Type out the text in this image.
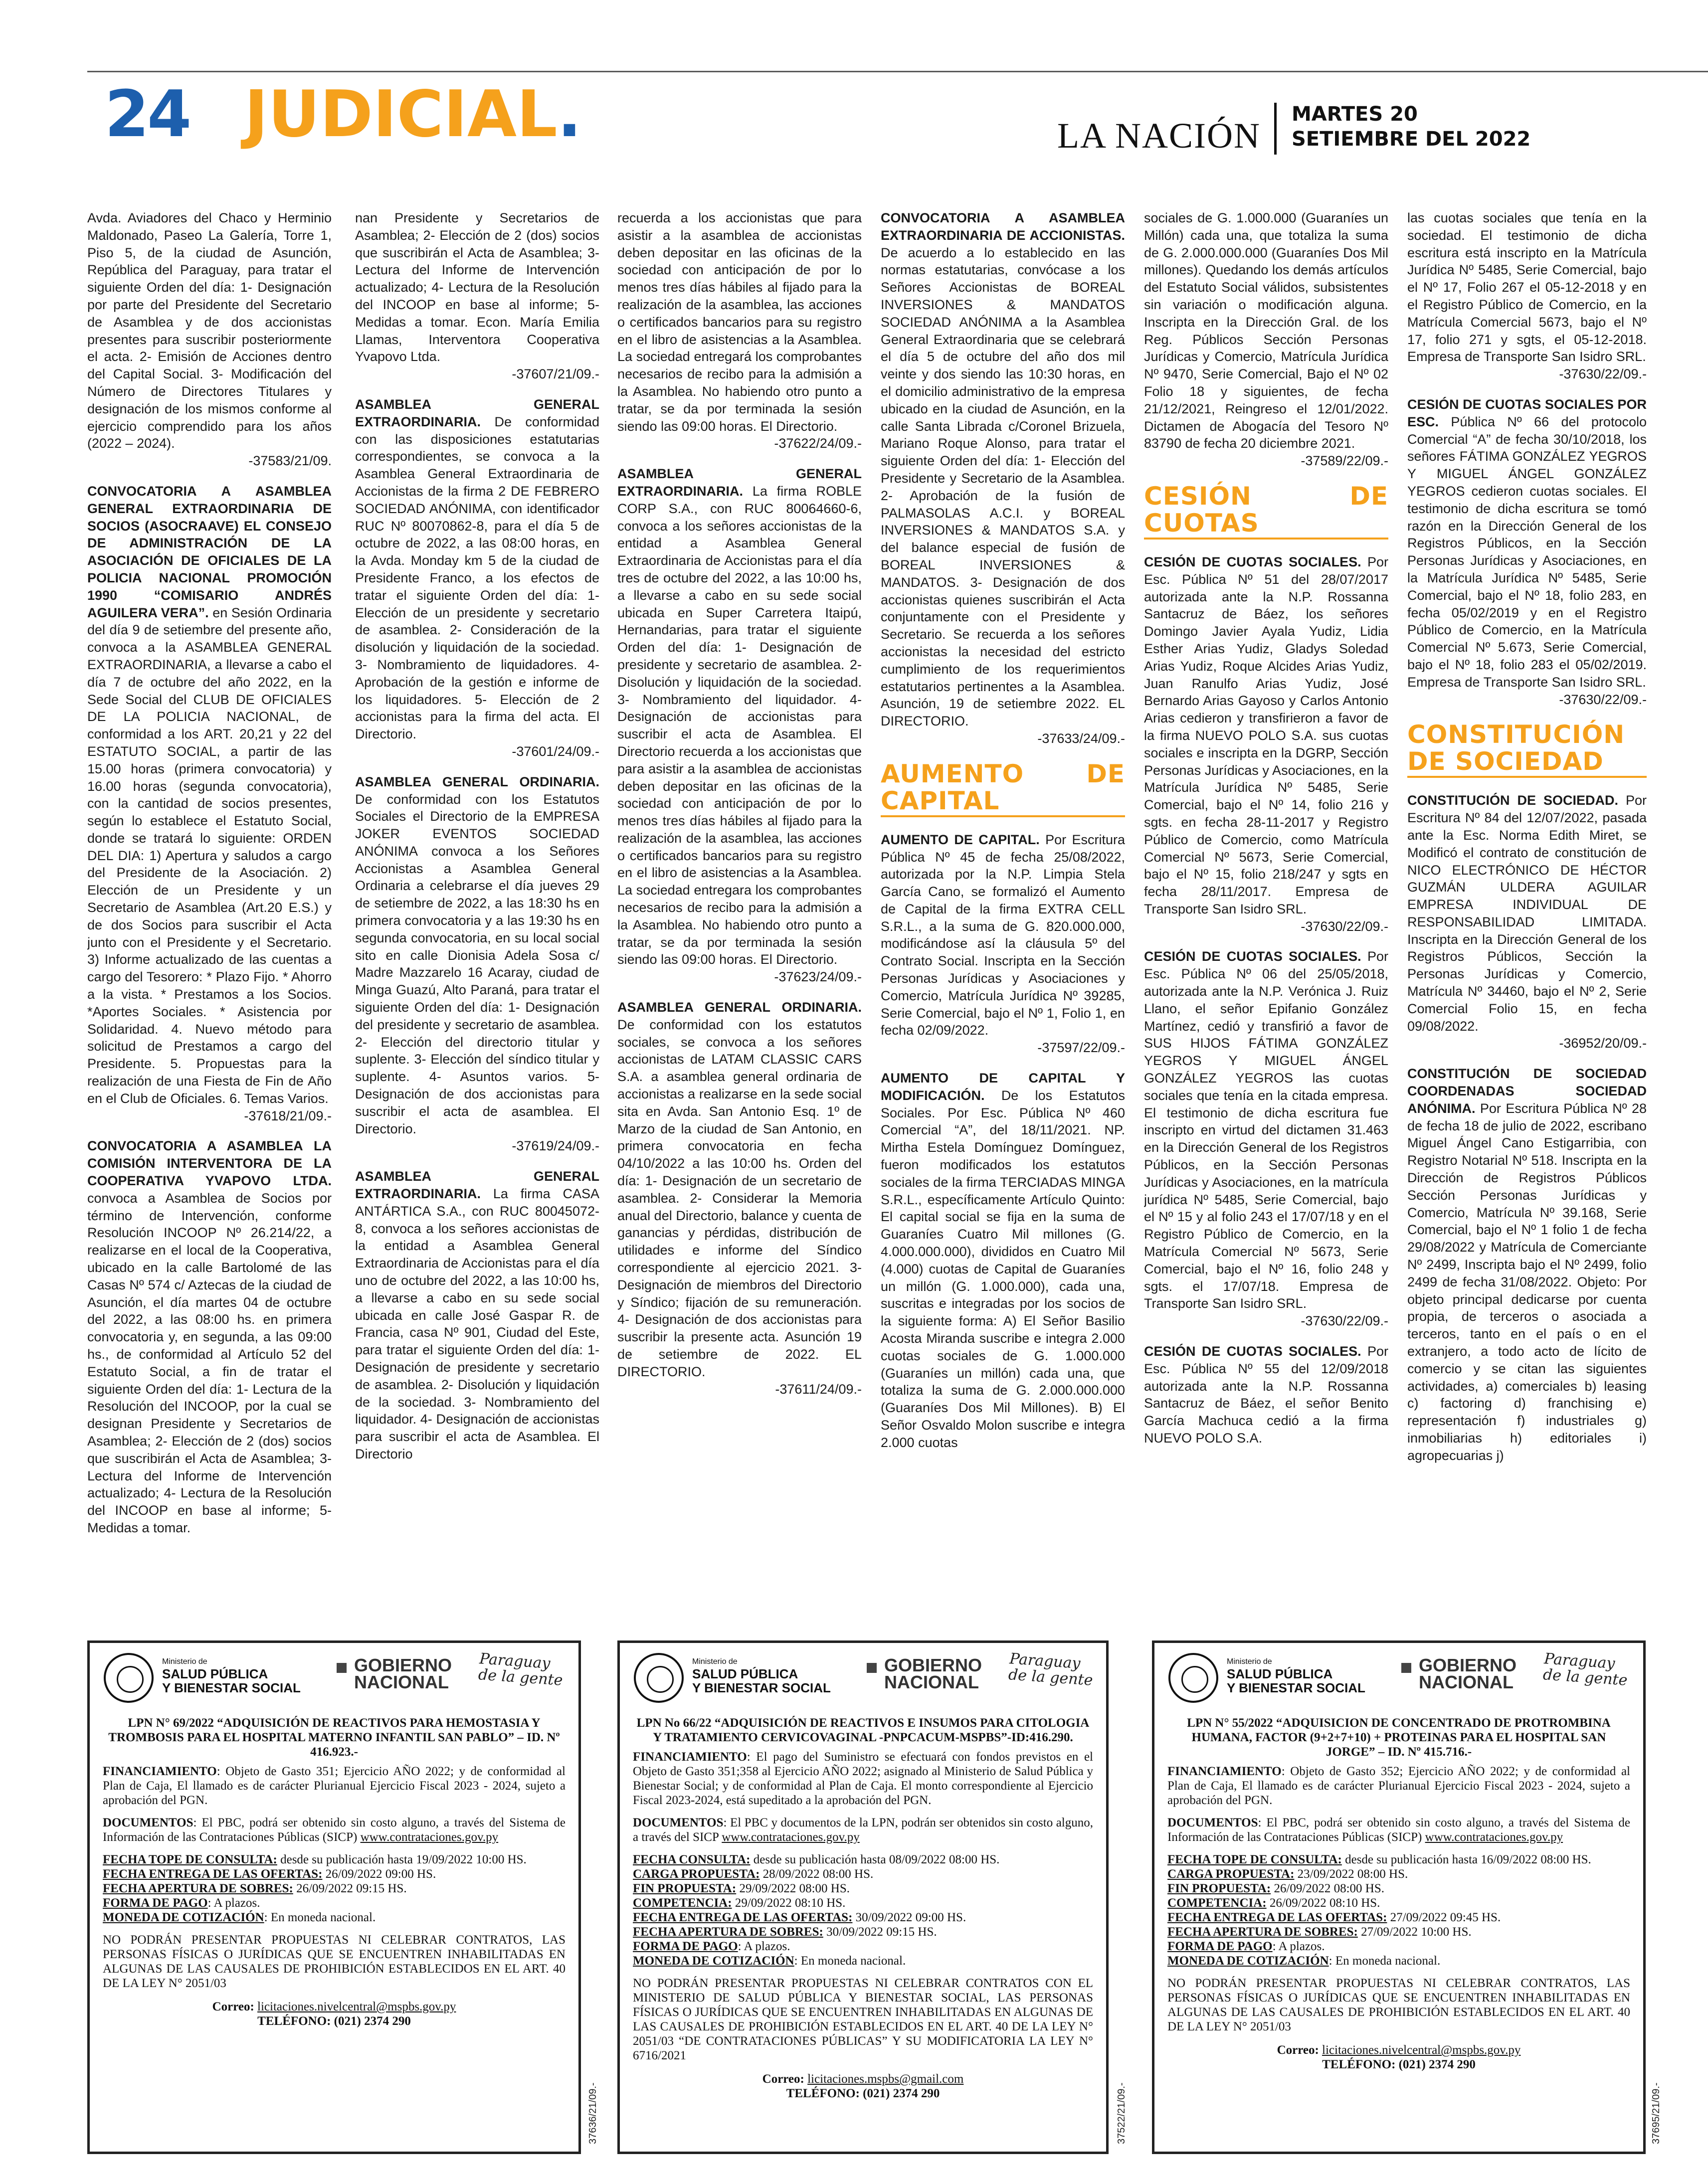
24 JUDICIAL.	LA NACIÓN
MARTES 20
SETIEMBRE DEL 2022

Avda. Aviadores del Chaco y Herminio Maldonado, Paseo La Galería, Torre 1, Piso 5, de la ciudad de Asunción, República del Paraguay, para tratar el siguiente Orden del día: 1- Designación por parte del Presidente del Secretario de Asamblea y de dos accionistas presentes para suscribir posteriormente el acta. 2- Emisión de Acciones dentro del Capital Social. 3- Modificación del Número de Directores Titulares y designación de los mismos conforme al ejercicio comprendido para los años (2022 – 2024).
-37583/21/09.

CONVOCATORIA A ASAMBLEA GENERAL EXTRAORDINARIA DE SOCIOS (ASOCRAAVE) EL CONSEJO DE ADMINISTRACIÓN DE LA ASOCIACIÓN DE OFICIALES DE LA POLICIA NACIONAL PROMOCIÓN 1990 “COMISARIO ANDRÉS AGUILERA VERA”. en Sesión Ordinaria del día 9 de setiembre del presente año, convoca a la ASAMBLEA GENERAL EXTRAORDINARIA, a llevarse a cabo el día 7 de octubre del año 2022, en la Sede Social del CLUB DE OFICIALES DE LA POLICIA NACIONAL, de conformidad a los ART. 20,21 y 22 del ESTATUTO SOCIAL, a partir de las 15.00 horas (primera convocatoria) y 16.00 horas (segunda convocatoria), con la cantidad de socios presentes, según lo establece el Estatuto Social, donde se tratará lo siguiente: ORDEN DEL DIA: 1) Apertura y saludos a cargo del Presidente de la Asociación. 2) Elección de un Presidente y un Secretario de Asamblea (Art.20 E.S.) y de dos Socios para suscribir el Acta junto con el Presidente y el Secretario. 3) Informe actualizado de las cuentas a cargo del Tesorero: * Plazo Fijo. * Ahorro a la vista. * Prestamos a los Socios. *Aportes Sociales. * Asistencia por Solidaridad. 4. Nuevo método para solicitud de Prestamos a cargo del Presidente. 5. Propuestas para la realización de una Fiesta de Fin de Año en el Club de Oficiales. 6. Temas Varios.
-37618/21/09.-

CONVOCATORIA A ASAMBLEA LA COMISIÓN INTERVENTORA DE LA COOPERATIVA YVAPOVO LTDA. convoca a Asamblea de Socios por término de Intervención, conforme Resolución INCOOP Nº 26.214/22, a realizarse en el local de la Cooperativa, ubicado en la calle Bartolomé de las Casas Nº 574 c/ Aztecas de la ciudad de Asunción, el día martes 04 de octubre del 2022, a las 08:00 hs. en primera convocatoria y, en segunda, a las 09:00 hs., de conformidad al Artículo 52 del Estatuto Social, a fin de tratar el siguiente Orden del día: 1- Lectura de la Resolución del INCOOP, por la cual se designan Presidente y Secretarios de Asamblea; 2- Elección de 2 (dos) socios que suscribirán el Acta de Asamblea; 3- Lectura del Informe de Intervención actualizado; 4- Lectura de la Resolución del INCOOP en base al informe; 5- Medidas a tomar.

nan Presidente y Secretarios de Asamblea; 2- Elección de 2 (dos) socios que suscribirán el Acta de Asamblea; 3- Lectura del Informe de Intervención actualizado; 4- Lectura de la Resolución del INCOOP en base al informe; 5- Medidas a tomar. Econ. María Emilia Llamas, Interventora Cooperativa Yvapovo Ltda.
-37607/21/09.-

ASAMBLEA GENERAL EXTRAORDINARIA. De conformidad con las disposiciones estatutarias correspondientes, se convoca a la Asamblea General Extraordinaria de Accionistas de la firma 2 DE FEBRERO SOCIEDAD ANÓNIMA, con identificador RUC Nº 80070862-8, para el día 5 de octubre de 2022, a las 08:00 horas, en la Avda. Monday km 5 de la ciudad de Presidente Franco, a los efectos de tratar el siguiente Orden del día: 1- Elección de un presidente y secretario de asamblea. 2- Consideración de la disolución y liquidación de la sociedad. 3- Nombramiento de liquidadores. 4- Aprobación de la gestión e informe de los liquidadores. 5- Elección de 2 accionistas para la firma del acta. El Directorio.
-37601/24/09.-

ASAMBLEA GENERAL ORDINARIA. De conformidad con los Estatutos Sociales el Directorio de la EMPRESA JOKER EVENTOS SOCIEDAD ANÓNIMA convoca a los Señores Accionistas a Asamblea General Ordinaria a celebrarse el día jueves 29 de setiembre de 2022, a las 18:30 hs en primera convocatoria y a las 19:30 hs en segunda convocatoria, en su local social sito en calle Dionisia Adela Sosa c/ Madre Mazzarelo 16 Acaray, ciudad de Minga Guazú, Alto Paraná, para tratar el siguiente Orden del día: 1- Designación del presidente y secretario de asamblea. 2- Elección del directorio titular y suplente. 3- Elección del síndico titular y suplente. 4- Asuntos varios. 5- Designación de dos accionistas para suscribir el acta de asamblea. El Directorio.
-37619/24/09.-

ASAMBLEA GENERAL EXTRAORDINARIA. La firma CASA ANTÁRTICA S.A., con RUC 80045072-8, convoca a los señores accionistas de la entidad a Asamblea General Extraordinaria de Accionistas para el día uno de octubre del 2022, a las 10:00 hs, a llevarse a cabo en su sede social ubicada en calle José Gaspar R. de Francia, casa Nº 901, Ciudad del Este, para tratar el siguiente Orden del día: 1- Designación de presidente y secretario de asamblea. 2- Disolución y liquidación de la sociedad. 3- Nombramiento del liquidador. 4- Designación de accionistas para suscribir el acta de Asamblea. El Directorio

recuerda a los accionistas que para asistir a la asamblea de accionistas deben depositar en las oficinas de la sociedad con anticipación de por lo menos tres días hábiles al fijado para la realización de la asamblea, las acciones o certificados bancarios para su registro en el libro de asistencias a la Asamblea. La sociedad entregará los comprobantes necesarios de recibo para la admisión a la Asamblea. No habiendo otro punto a tratar, se da por terminada la sesión siendo las 09:00 horas. El Directorio.
-37622/24/09.-

ASAMBLEA GENERAL EXTRAORDINARIA. La firma ROBLE CORP S.A., con RUC 80064660-6, convoca a los señores accionistas de la entidad a Asamblea General Extraordinaria de Accionistas para el día tres de octubre del 2022, a las 10:00 hs, a llevarse a cabo en su sede social ubicada en Super Carretera Itaipú, Hernandarias, para tratar el siguiente Orden del día: 1- Designación de presidente y secretario de asamblea. 2- Disolución y liquidación de la sociedad. 3- Nombramiento del liquidador. 4- Designación de accionistas para suscribir el acta de Asamblea. El Directorio recuerda a los accionistas que para asistir a la asamblea de accionistas deben depositar en las oficinas de la sociedad con anticipación de por lo menos tres días hábiles al fijado para la realización de la asamblea, las acciones o certificados bancarios para su registro en el libro de asistencias a la Asamblea. La sociedad entregara los comprobantes necesarios de recibo para la admisión a la Asamblea. No habiendo otro punto a tratar, se da por terminada la sesión siendo las 09:00 horas. El Directorio.
-37623/24/09.-

ASAMBLEA GENERAL ORDINARIA. De conformidad con los estatutos sociales, se convoca a los señores accionistas de LATAM CLASSIC CARS S.A. a asamblea general ordinaria de accionistas a realizarse en la sede social sita en Avda. San Antonio Esq. 1º de Marzo de la ciudad de San Antonio, en primera convocatoria en fecha 04/10/2022 a las 10:00 hs. Orden del día: 1- Designación de un secretario de asamblea. 2- Considerar la Memoria anual del Directorio, balance y cuenta de ganancias y pérdidas, distribución de utilidades e informe del Síndico correspondiente al ejercicio 2021. 3- Designación de miembros del Directorio y Síndico; fijación de su remuneración. 4- Designación de dos accionistas para suscribir la presente acta. Asunción 19 de setiembre de 2022. EL DIRECTORIO.
-37611/24/09.-

CONVOCATORIA A ASAMBLEA EXTRAORDINARIA DE ACCIONISTAS. De acuerdo a lo establecido en las normas estatutarias, convócase a los Señores Accionistas de BOREAL INVERSIONES & MANDATOS SOCIEDAD ANÓNIMA a la Asamblea General Extraordinaria que se celebrará el día 5 de octubre del año dos mil veinte y dos siendo las 10:30 horas, en el domicilio administrativo de la empresa ubicado en la ciudad de Asunción, en la calle Santa Librada c/Coronel Brizuela, Mariano Roque Alonso, para tratar el siguiente Orden del día: 1- Elección del Presidente y Secretario de la Asamblea. 2- Aprobación de la fusión de PALMASOLAS A.C.I. y BOREAL INVERSIONES & MANDATOS S.A. y del balance especial de fusión de BOREAL INVERSIONES & MANDATOS. 3- Designación de dos accionistas quienes suscribirán el Acta conjuntamente con el Presidente y Secretario. Se recuerda a los señores accionistas la necesidad del estricto cumplimiento de los requerimientos estatutarios pertinentes a la Asamblea. Asunción, 19 de setiembre 2022. EL DIRECTORIO.
-37633/24/09.-

AUMENTO DE CAPITAL

AUMENTO DE CAPITAL. Por Escritura Pública Nº 45 de fecha 25/08/2022, autorizada por la N.P. Limpia Stela García Cano, se formalizó el Aumento de Capital de la firma EXTRA CELL S.R.L., a la suma de G. 820.000.000, modificándose así la cláusula 5º del Contrato Social. Inscripta en la Sección Personas Jurídicas y Asociaciones y Comercio, Matrícula Jurídica Nº 39285, Serie Comercial, bajo el Nº 1, Folio 1, en fecha 02/09/2022.
-37597/22/09.-

AUMENTO DE CAPITAL Y MODIFICACIÓN. De los Estatutos Sociales. Por Esc. Pública Nº 460 Comercial “A”, del 18/11/2021. NP. Mirtha Estela Domínguez Domínguez, fueron modificados los estatutos sociales de la firma TERCIADAS MINGA S.R.L., específicamente Artículo Quinto: El capital social se fija en la suma de Guaraníes Cuatro Mil millones (G. 4.000.000.000), divididos en Cuatro Mil (4.000) cuotas de Capital de Guaraníes un millón (G. 1.000.000), cada una, suscritas e integradas por los socios de la siguiente forma: A) El Señor Basilio Acosta Miranda suscribe e integra 2.000 cuotas sociales de G. 1.000.000 (Guaraníes un millón) cada una, que totaliza la suma de G. 2.000.000.000 (Guaraníes Dos Mil Millones). B) El Señor Osvaldo Molon suscribe e integra 2.000 cuotas

sociales de G. 1.000.000 (Guaraníes un Millón) cada una, que totaliza la suma de G. 2.000.000.000 (Guaraníes Dos Mil millones). Quedando los demás artículos del Estatuto Social válidos, subsistentes sin variación o modificación alguna. Inscripta en la Dirección Gral. de los Reg. Públicos Sección Personas Jurídicas y Comercio, Matrícula Jurídica Nº 9470, Serie Comercial, Bajo el Nº 02 Folio 18 y siguientes, de fecha 21/12/2021, Reingreso el 12/01/2022. Dictamen de Abogacía del Tesoro Nº 83790 de fecha 20 diciembre 2021.
-37589/22/09.-

CESIÓN DE CUOTAS

CESIÓN DE CUOTAS SOCIALES. Por Esc. Pública Nº 51 del 28/07/2017 autorizada ante la N.P. Rossanna Santacruz de Báez, los señores Domingo Javier Ayala Yudiz, Lidia Esther Arias Yudiz, Gladys Soledad Arias Yudiz, Roque Alcides Arias Yudiz, Juan Ranulfo Arias Yudiz, José Bernardo Arias Gayoso y Carlos Antonio Arias cedieron y transfirieron a favor de la firma NUEVO POLO S.A. sus cuotas sociales e inscripta en la DGRP, Sección Personas Jurídicas y Asociaciones, en la Matrícula Jurídica Nº 5485, Serie Comercial, bajo el Nº 14, folio 216 y sgts. en fecha 28-11-2017 y Registro Público de Comercio, como Matrícula Comercial Nº 5673, Serie Comercial, bajo el Nº 15, folio 218/247 y sgts en fecha 28/11/2017. Empresa de Transporte San Isidro SRL.
-37630/22/09.-

CESIÓN DE CUOTAS SOCIALES. Por Esc. Pública Nº 06 del 25/05/2018, autorizada ante la N.P. Verónica J. Ruiz Llano, el señor Epifanio González Martínez, cedió y transfirió a favor de SUS HIJOS FÁTIMA GONZÁLEZ YEGROS Y MIGUEL ÁNGEL GONZÁLEZ YEGROS las cuotas sociales que tenía en la citada empresa. El testimonio de dicha escritura fue inscripto en virtud del dictamen 31.463 en la Dirección General de los Registros Públicos, en la Sección Personas Jurídicas y Asociaciones, en la matrícula jurídica Nº 5485, Serie Comercial, bajo el Nº 15 y al folio 243 el 17/07/18 y en el Registro Público de Comercio, en la Matrícula Comercial Nº 5673, Serie Comercial, bajo el Nº 16, folio 248 y sgts. el 17/07/18. Empresa de Transporte San Isidro SRL.
-37630/22/09.-

CESIÓN DE CUOTAS SOCIALES. Por Esc. Pública Nº 55 del 12/09/2018 autorizada ante la N.P. Rossanna Santacruz de Báez, el señor Benito García Machuca cedió a la firma NUEVO POLO S.A.

las cuotas sociales que tenía en la sociedad. El testimonio de dicha escritura está inscripto en la Matrícula Jurídica Nº 5485, Serie Comercial, bajo el Nº 17, Folio 267 el 05-12-2018 y en el Registro Público de Comercio, en la Matrícula Comercial 5673, bajo el Nº 17, folio 271 y sgts, el 05-12-2018. Empresa de Transporte San Isidro SRL.
-37630/22/09.-

CESIÓN DE CUOTAS SOCIALES POR ESC. Pública Nº 66 del protocolo Comercial “A” de fecha 30/10/2018, los señores FÁTIMA GONZÁLEZ YEGROS Y MIGUEL ÁNGEL GONZÁLEZ YEGROS cedieron cuotas sociales. El testimonio de dicha escritura se tomó razón en la Dirección General de los Registros Públicos, en la Sección Personas Jurídicas y Asociaciones, en la Matrícula Jurídica Nº 5485, Serie Comercial, bajo el Nº 18, folio 283, en fecha 05/02/2019 y en el Registro Público de Comercio, en la Matrícula Comercial Nº 5.673, Serie Comercial, bajo el Nº 18, folio 283 el 05/02/2019. Empresa de Transporte San Isidro SRL.
-37630/22/09.-

CONSTITUCIÓN DE SOCIEDAD

CONSTITUCIÓN DE SOCIEDAD. Por Escritura Nº 84 del 12/07/2022, pasada ante la Esc. Norma Edith Miret, se Modificó el contrato de constitución de NICO ELECTRÓNICO DE HÉCTOR GUZMÁN ULDERA AGUILAR EMPRESA INDIVIDUAL DE RESPONSABILIDAD LIMITADA. Inscripta en la Dirección General de los Registros Públicos, Sección la Personas Jurídicas y Comercio, Matrícula Nº 34460, bajo el Nº 2, Serie Comercial Folio 15, en fecha 09/08/2022.
-36952/20/09.-

CONSTITUCIÓN DE SOCIEDAD COORDENADAS SOCIEDAD ANÓNIMA. Por Escritura Pública Nº 28 de fecha 18 de julio de 2022, escribano Miguel Ángel Cano Estigarribia, con Registro Notarial Nº 518. Inscripta en la Dirección de Registros Públicos Sección Personas Jurídicas y Comercio, Matrícula Nº 39.168, Serie Comercial, bajo el Nº 1 folio 1 de fecha 29/08/2022 y Matrícula de Comerciante Nº 2499, Inscripta bajo el Nº 2499, folio 2499 de fecha 31/08/2022. Objeto: Por objeto principal dedicarse por cuenta propia, de terceros o asociada a terceros, tanto en el país o en el extranjero, a todo acto de lícito de comercio y se citan las siguientes actividades, a) comerciales b) leasing c) factoring d) franchising e) representación f) industriales g) inmobiliarias h) editoriales i) agropecuarias j)

Ministerio de
SALUD PÚBLICA
Y BIENESTAR SOCIAL
GOBIERNO
NACIONAL
Paraguay
de la gente
LPN N° 69/2022 “ADQUISICIÓN DE REACTIVOS PARA HEMOSTASIA Y TROMBOSIS PARA EL HOSPITAL MATERNO INFANTIL SAN PABLO” – ID. Nº 416.923.-

FINANCIAMIENTO: Objeto de Gasto 351; Ejercicio AÑO 2022; y de conformidad al Plan de Caja, El llamado es de carácter Plurianual Ejercicio Fiscal 2023 - 2024, sujeto a aprobación del PGN.

DOCUMENTOS: El PBC, podrá ser obtenido sin costo alguno, a través del Sistema de Información de las Contrataciones Públicas (SICP) www.contrataciones.gov.py

FECHA TOPE DE CONSULTA: desde su publicación hasta 19/09/2022 10:00 HS.
FECHA ENTREGA DE LAS OFERTAS: 26/09/2022 09:00 HS.
FECHA APERTURA DE SOBRES: 26/09/2022 09:15 HS.
FORMA DE PAGO: A plazos.
MONEDA DE COTIZACIÓN: En moneda nacional.
NO PODRÁN PRESENTAR PROPUESTAS NI CELEBRAR CONTRATOS, LAS PERSONAS FÍSICAS O JURÍDICAS QUE SE ENCUENTREN INHABILITADAS EN ALGUNAS DE LAS CAUSALES DE PROHIBICIÓN ESTABLECIDOS EN EL ART. 40 DE LA LEY N° 2051/03
Correo: licitaciones.nivelcentral@mspbs.gov.py
TELÉFONO: (021) 2374 290
Ministerio de
SALUD PÚBLICA
Y BIENESTAR SOCIAL
GOBIERNO
NACIONAL
Paraguay
de la gente
LPN No 66/22 “ADQUISICIÓN DE REACTIVOS E INSUMOS PARA CITOLOGIA Y TRATAMIENTO CERVICOVAGINAL -PNPCACUM-MSPBS”-ID:416.290.

FINANCIAMIENTO: El pago del Suministro se efectuará con fondos previstos en el Objeto de Gasto 351;358 al Ejercicio AÑO 2022; asignado al Ministerio de Salud Pública y Bienestar Social; y de conformidad al Plan de Caja. El monto correspondiente al Ejercicio Fiscal 2023-2024, está supeditado a la aprobación del PGN.

DOCUMENTOS: El PBC y documentos de la LPN, podrán ser obtenidos sin costo alguno, a través del SICP www.contrataciones.gov.py

FECHA CONSULTA: desde su publicación hasta 08/09/2022 08:00 HS.
CARGA PROPUESTA: 28/09/2022 08:00 HS.
FIN PROPUESTA: 29/09/2022 08:00 HS.
COMPETENCIA: 29/09/2022 08:10 HS.
FECHA ENTREGA DE LAS OFERTAS: 30/09/2022 09:00 HS.
FECHA APERTURA DE SOBRES: 30/09/2022 09:15 HS.
FORMA DE PAGO: A plazos.
MONEDA DE COTIZACIÓN: En moneda nacional.
NO PODRÁN PRESENTAR PROPUESTAS NI CELEBRAR CONTRATOS CON EL MINISTERIO DE SALUD PÚBLICA Y BIENESTAR SOCIAL, LAS PERSONAS FÍSICAS O JURÍDICAS QUE SE ENCUENTREN INHABILITADAS EN ALGUNAS DE LAS CAUSALES DE PROHIBICIÓN ESTABLECIDOS EN EL ART. 40 DE LA LEY N° 2051/03 “DE CONTRATACIONES PÚBLICAS” Y SU MODIFICATORIA LA LEY N° 6716/2021
Correo: licitaciones.mspbs@gmail.com
TELÉFONO: (021) 2374 290
Ministerio de
SALUD PÚBLICA
Y BIENESTAR SOCIAL
GOBIERNO
NACIONAL
Paraguay
de la gente
LPN N° 55/2022 “ADQUISICION DE CONCENTRADO DE PROTROMBINA HUMANA, FACTOR (9+2+7+10) + PROTEINAS PARA EL HOSPITAL SAN JORGE” – ID. Nº 415.716.-

FINANCIAMIENTO: Objeto de Gasto 352; Ejercicio AÑO 2022; y de conformidad al Plan de Caja, El llamado es de carácter Plurianual Ejercicio Fiscal 2023 - 2024, sujeto a aprobación del PGN.

DOCUMENTOS: El PBC, podrá ser obtenido sin costo alguno, a través del Sistema de Información de las Contrataciones Públicas (SICP) www.contrataciones.gov.py

FECHA TOPE DE CONSULTA: desde su publicación hasta 16/09/2022 08:00 HS.
CARGA PROPUESTA: 23/09/2022 08:00 HS.
FIN PROPUESTA: 26/09/2022 08:00 HS.
COMPETENCIA: 26/09/2022 08:10 HS.
FECHA ENTREGA DE LAS OFERTAS: 27/09/2022 09:45 HS.
FECHA APERTURA DE SOBRES: 27/09/2022 10:00 HS.
FORMA DE PAGO: A plazos.
MONEDA DE COTIZACIÓN: En moneda nacional.
NO PODRÁN PRESENTAR PROPUESTAS NI CELEBRAR CONTRATOS, LAS PERSONAS FÍSICAS O JURÍDICAS QUE SE ENCUENTREN INHABILITADAS EN ALGUNAS DE LAS CAUSALES DE PROHIBICIÓN ESTABLECIDOS EN EL ART. 40 DE LA LEY N° 2051/03
Correo: licitaciones.nivelcentral@mspbs.gov.py
TELÉFONO: (021) 2374 290
37636/21/09.-	37522/21/09.-	37695/21/09.-
